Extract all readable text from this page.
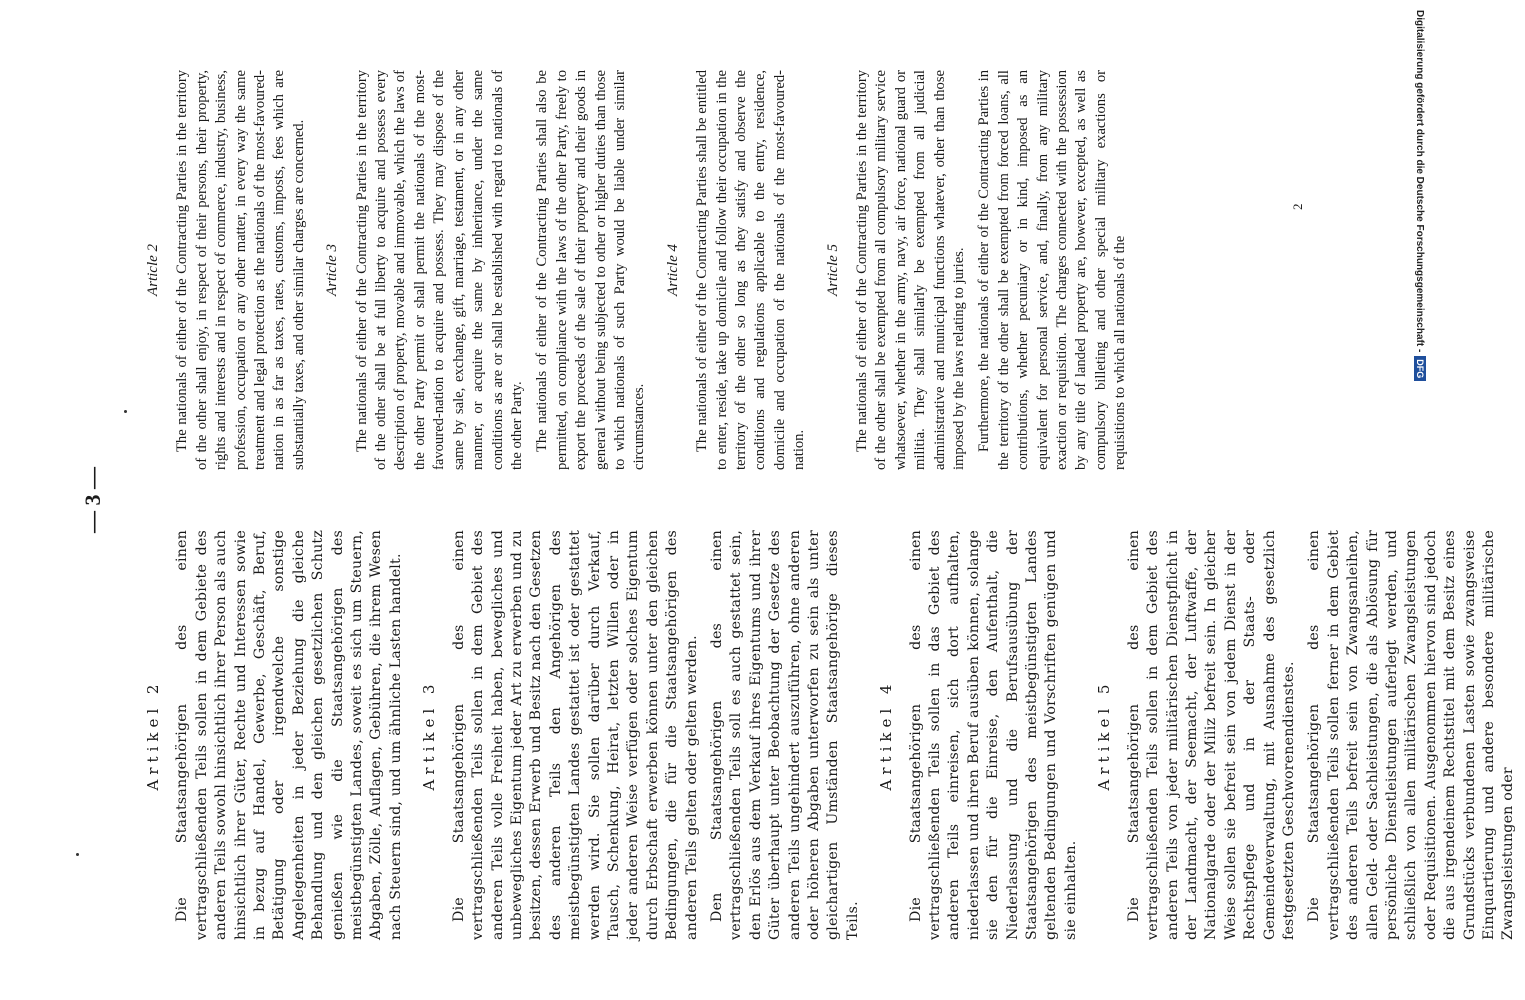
— 3 —
Artikel 2 Die Staatsangehörigen des einen vertragschließenden Teils sollen in dem Gebiete des anderen Teils sowohl hinsichtlich ihrer Person als auch hinsichtlich ihrer Güter, Rechte und Interessen sowie in bezug auf Handel, Gewerbe, Geschäft, Beruf, Betätigung oder irgendwelche sonstige Angelegenheiten in jeder Beziehung die gleiche Behandlung und den gleichen gesetzlichen Schutz genießen wie die Staatsangehörigen des meistbegünstigten Landes, soweit es sich um Steuern, Abgaben, Zölle, Auflagen, Gebühren, die ihrem Wesen nach Steuern sind, und um ähnliche Lasten handelt. Artikel 3 Die Staatsangehörigen des einen vertragschließenden Teils sollen in dem Gebiet des anderen Teils volle Freiheit haben, bewegliches und unbewegliches Eigentum jeder Art zu erwerben und zu besitzen, dessen Erwerb und Besitz nach den Gesetzen des anderen Teils den Angehörigen des meistbegünstigten Landes gestattet ist oder gestattet werden wird. Sie sollen darüber durch Verkauf, Tausch, Schenkung, Heirat, letzten Willen oder in jeder anderen Weise verfügen oder solches Eigentum durch Erbschaft erwerben können unter den gleichen Bedingungen, die für die Staatsangehörigen des anderen Teils gelten oder gelten werden. Den Staatsangehörigen des einen vertragschließenden Teils soll es auch gestattet sein, den Erlös aus dem Verkauf ihres Eigentums und ihrer Güter überhaupt unter Beobachtung der Gesetze des anderen Teils ungehindert auszuführen, ohne anderen oder höheren Abgaben unterworfen zu sein als unter gleichartigen Umständen Staatsangehörige dieses Teils.

Artikel 4 Die Staatsangehörigen des einen vertragschließenden Teils sollen in das Gebiet des anderen Teils einreisen, sich dort aufhalten, niederlassen und ihren Beruf ausüben können, solange sie den für die Einreise, den Aufenthalt, die Niederlassung und die Berufsausübung der Staatsangehörigen des meistbegünstigten Landes geltenden Bedingungen und Vorschriften genügen und sie einhalten.

Artikel 5 Die Staatsangehörigen des einen vertragschließenden Teils sollen in dem Gebiet des anderen Teils von jeder militärischen Dienstpflicht in der Landmacht, der Seemacht, der Luftwaffe, der Nationalgarde oder der Miliz befreit sein. In gleicher Weise sollen sie befreit sein von jedem Dienst in der Rechtspflege und in der Staats- oder Gemeindeverwaltung, mit Ausnahme des gesetzlich festgesetzten Geschworenendienstes. Die Staatsangehörigen des einen vertragschließenden Teils sollen ferner in dem Gebiet des anderen Teils befreit sein von Zwangsanleihen, allen Geld- oder Sachleistungen, die als Ablösung für persönliche Dienstleistungen auferlegt werden, und schließlich von allen militärischen Zwangsleistungen oder Requisitionen. Ausgenommen hiervon sind jedoch die aus irgendeinem Rechtstitel mit dem Besitz eines Grundstücks verbundenen Lasten sowie zwangsweise Einquartierung und andere besondere militärische Zwangsleistungen oder

Article 2 The nationals of either of the Contracting Parties in the territory of the other shall enjoy, in respect of their persons, their property, rights and interests and in respect of commerce, industry, business, profession, occupation or any other matter, in every way the same treatment and legal protection as the nationals of the most-favoured-nation in as far as taxes, rates, customs, imposts, fees which are substantially taxes, and other similar charges are concerned. Article 3 The nationals of either of the Contracting Parties in the territory of the other shall be at full liberty to acquire and possess every description of property, movable and immovable, which the laws of the other Party permit or shall permit the nationals of the most-favoured-nation to acquire and possess. They may dispose of the same by sale, exchange, gift, marriage, testament, or in any other manner, or acquire the same by inheritance, under the same conditions as are or shall be established with regard to nationals of the other Party. The nationals of either of the Contracting Parties shall also be permitted, on compliance with the laws of the other Party, freely to export the proceeds of the sale of their property and their goods in general without being subjected to other or higher duties than those to which nationals of such Party would be liable under similar circumstances.

Article 4 The nationals of either of the Contracting Parties shall be entitled to enter, reside, take up domicile and follow their occupation in the territory of the other so long as they satisfy and observe the conditions and regulations applicable to the entry, residence, domicile and occupation of the nationals of the most-favoured-nation.

Article 5 The nationals of either of the Contracting Parties in the territory of the other shall be exempted from all compulsory military service whatsoever, whether in the army, navy, air force, national guard or militia. They shall similarly be exempted from all judicial administrative and municipal functions whatever, other than those imposed by the laws relating to juries. Furthermore, the nationals of either of the Contracting Parties in the territory of the other shall be exempted from forced loans, all contributions, whether pecuniary or in kind, imposed as an equivalent for personal service, and, finally, from any military exaction or requisition. The charges connected with the possession by any title of landed property are, however, excepted, as well as compulsory billeting and other special military exactions or requisitions to which all nationals of the

2	Digitalisierung gefördert durch die Deutsche Forschungsgemeinschaft -DFG
